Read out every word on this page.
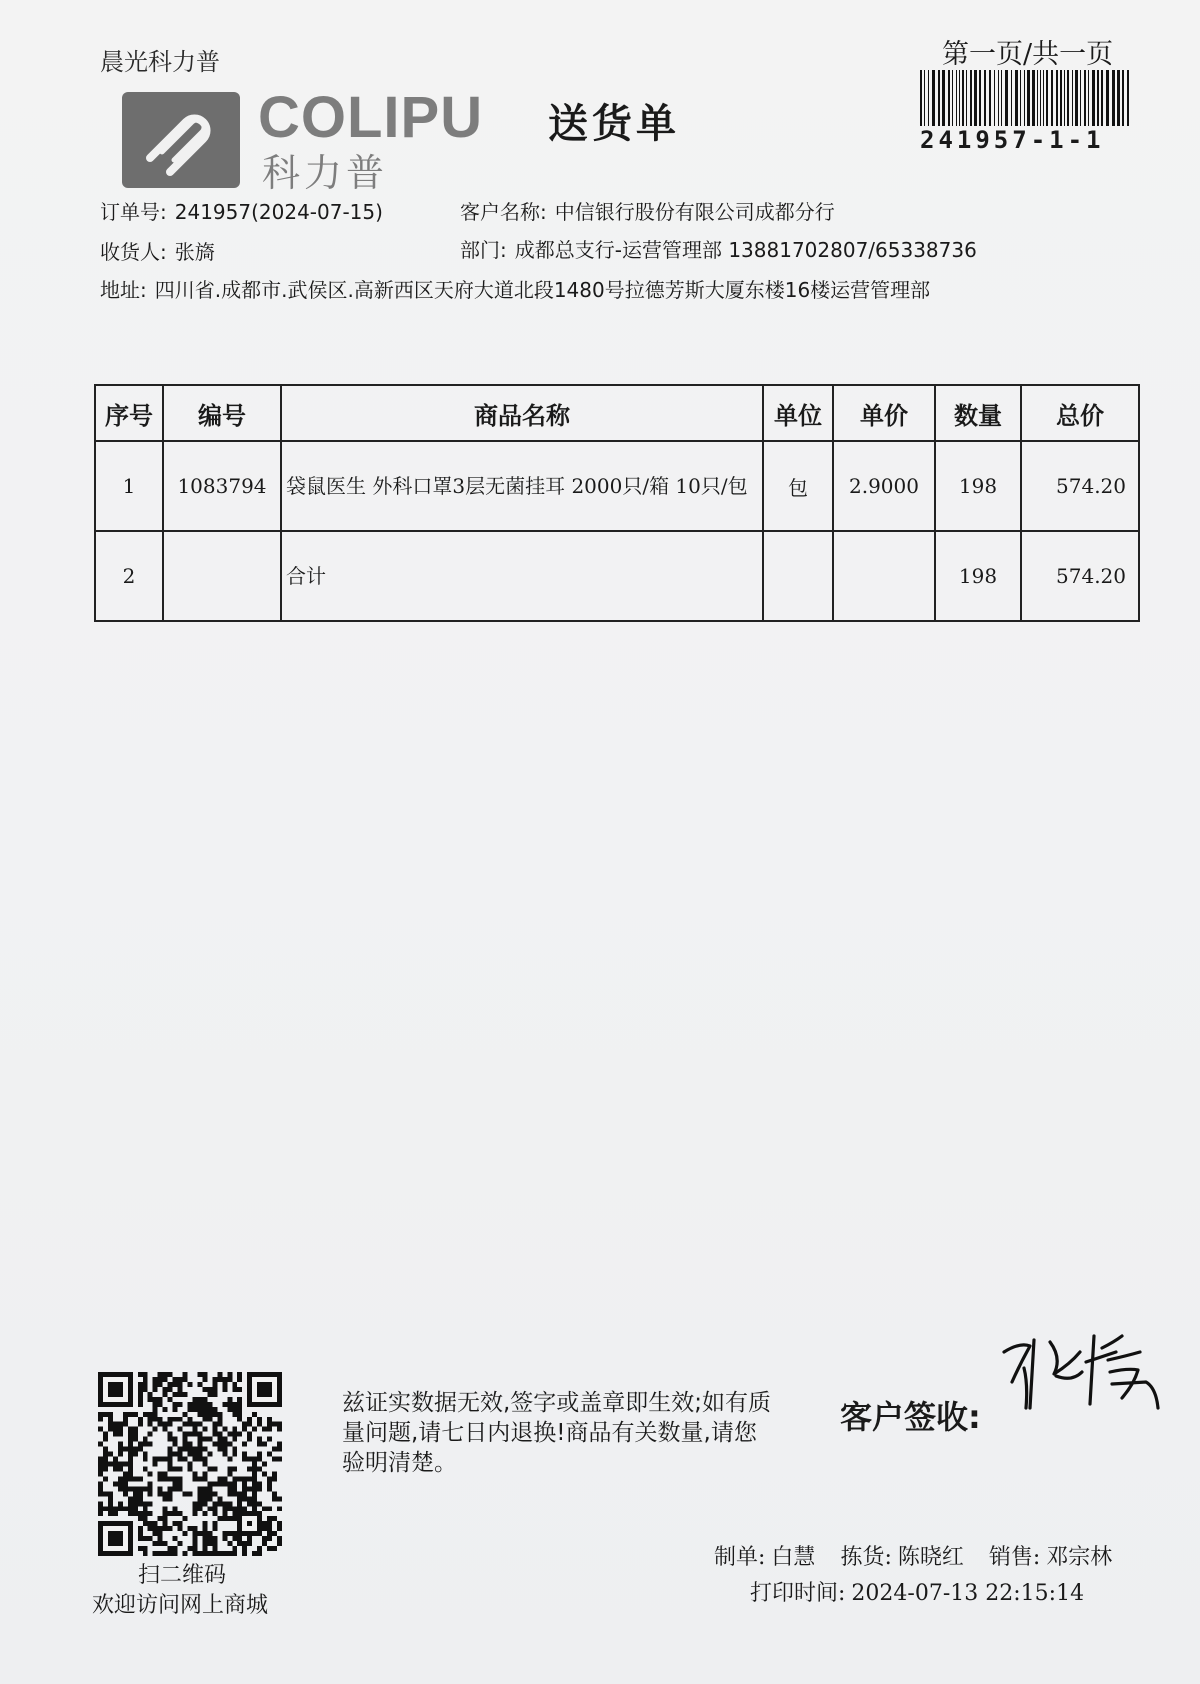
晨光科力普
COLIPU
科力普
送货单
第一页/共一页
241957-1-1
订单号: 241957(2024-07-15)	客户名称: 中信银行股份有限公司成都分行
收货人: 张旖	部门: 成都总支行-运营管理部 13881702807/65338736
地址: 四川省.成都市.武侯区.高新西区天府大道北段1480号拉德芳斯大厦东楼16楼运营管理部
序号	编号	商品名称	单位	单价	数量	总价
1	1083794	袋鼠医生 外科口罩3层无菌挂耳 2000只/箱 10只/包	包	2.9000	198	574.20
2		合计			198	574.20
扫二维码
欢迎访问网上商城
兹证实数据无效,签字或盖章即生效;如有质量问题,请七日内退换!商品有关数量,请您验明清楚。
客户签收:
制单: 白慧 拣货: 陈晓红 销售: 邓宗林
打印时间: 2024-07-13 22:15:14
